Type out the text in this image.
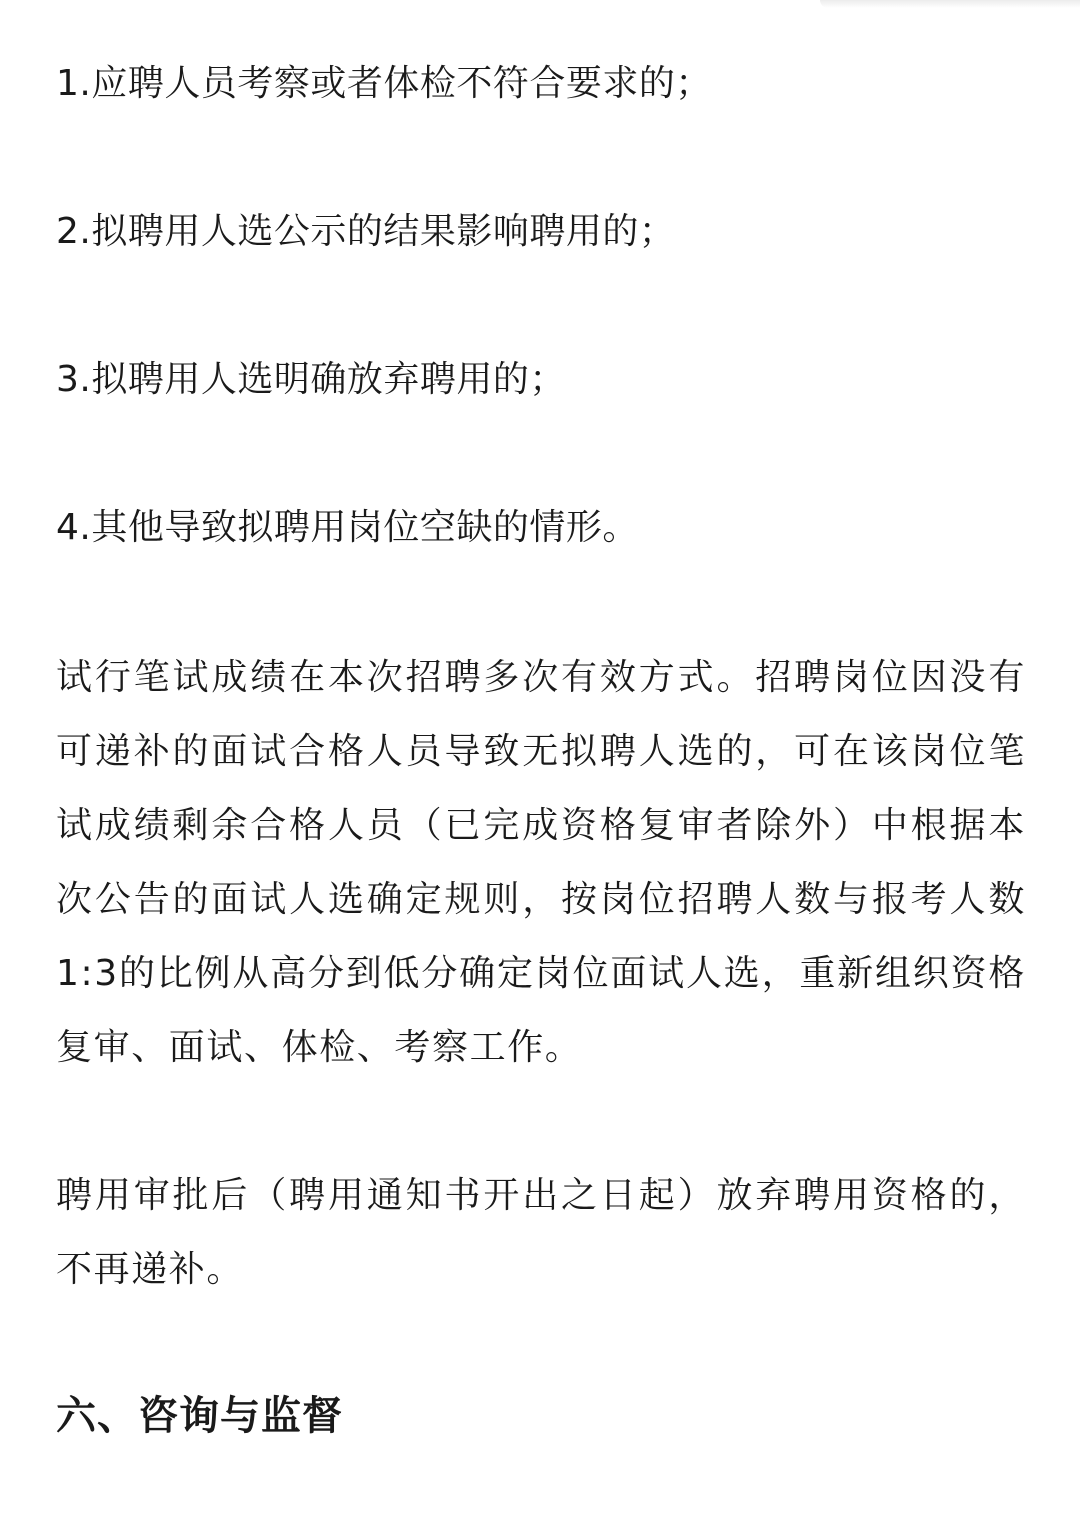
1.应聘人员考察或者体检不符合要求的；

2.拟聘用人选公示的结果影响聘用的；

3.拟聘用人选明确放弃聘用的；

4.其他导致拟聘用岗位空缺的情形。

试行笔试成绩在本次招聘多次有效方式。招聘岗位因没有可递补的面试合格人员导致无拟聘人选的，可在该岗位笔试成绩剩余合格人员（已完成资格复审者除外）中根据本次公告的面试人选确定规则，按岗位招聘人数与报考人数1:3的比例从高分到低分确定岗位面试人选，重新组织资格复审、面试、体检、考察工作。

聘用审批后（聘用通知书开出之日起）放弃聘用资格的，不再递补。

六、咨询与监督
